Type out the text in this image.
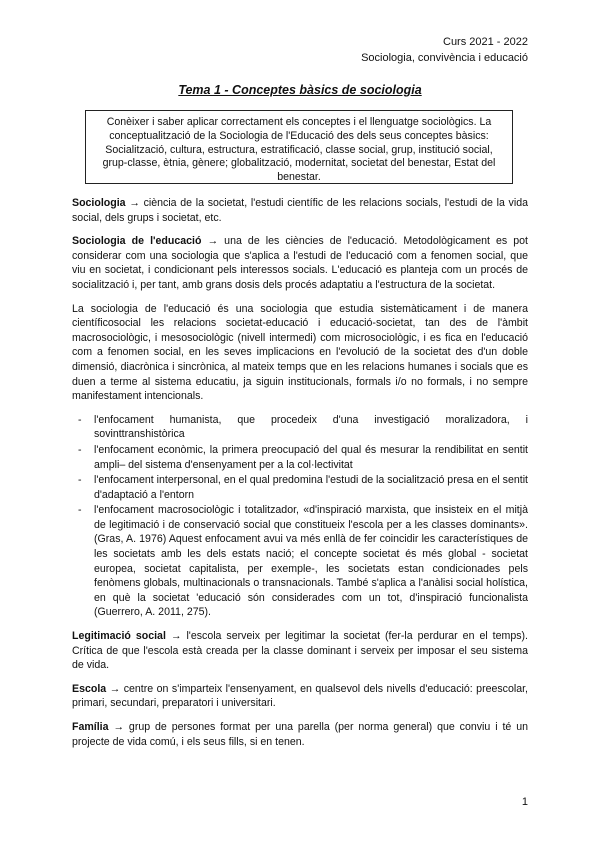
Curs 2021 - 2022
Sociologia, convivència i educació
Tema 1 - Conceptes bàsics de sociologia
Conèixer i saber aplicar correctament els conceptes i el llenguatge sociològics. La conceptualització de la Sociologia de l'Educació des dels seus conceptes bàsics: Socialització, cultura, estructura, estratificació, classe social, grup, institució social, grup-classe, ètnia, gènere; globalització, modernitat, societat del benestar, Estat del benestar.

Sociologia → ciència de la societat, l'estudi científic de les relacions socials, l'estudi de la vida social, dels grups i societat, etc.

Sociologia de l'educació → una de les ciències de l'educació. Metodològicament es pot considerar com una sociologia que s'aplica a l'estudi de l'educació com a fenomen social, que viu en societat, i condicionant pels interessos socials. L'educació es planteja com un procés de socialització i, per tant, amb grans dosis dels procés adaptatiu a l'estructura de la societat.

La sociologia de l'educació és una sociologia que estudia sistemàticament i de manera científicosocial les relacions societat-educació i educació-societat, tan des de l'àmbit macrosociològic, i mesosociològic (nivell intermedi) com microsociològic, i es fica en l'educació com a fenomen social, en les seves implicacions en l'evolució de la societat des d'un doble dimensió, diacrònica i sincrònica, al mateix temps que en les relacions humanes i socials que es duen a terme al sistema educatiu, ja siguin institucionals, formals i/o no formals, i no sempre manifestament intencionals.

- l'enfocament humanista, que procedeix d'una investigació moralizadora, i sovinttranshistòrica
- l'enfocament econòmic, la primera preocupació del qual és mesurar la rendibilitat en sentit ampli– del sistema d'ensenyament per a la col·lectivitat
- l'enfocament interpersonal, en el qual predomina l'estudi de la socialització presa en el sentit d'adaptació a l'entorn
- l'enfocament macrosociològic i totalitzador, «d'inspiració marxista, que insisteix en el mitjà de legitimació i de conservació social que constitueix l'escola per a les classes dominants». (Gras, A. 1976) Aquest enfocament avui va més enllà de fer coincidir les característiques de les societats amb les dels estats nació; el concepte societat és més global - societat europea, societat capitalista, per exemple-, les societats estan condicionades pels fenòmens globals, multinacionals o transnacionals. També s'aplica a l'anàlisi social holística, en què la societat 'educació són considerades com un tot, d'inspiració funcionalista (Guerrero, A. 2011, 275).

Legitimació social → l'escola serveix per legitimar la societat (fer-la perdurar en el temps). Crítica de que l'escola està creada per la classe dominant i serveix per imposar el seu sistema de vida.

Escola → centre on s'imparteix l'ensenyament, en qualsevol dels nivells d'educació: preescolar, primari, secundari, preparatori i universitari.

Família → grup de persones format per una parella (per norma general) que conviu i té un projecte de vida comú, i els seus fills, si en tenen.

1
